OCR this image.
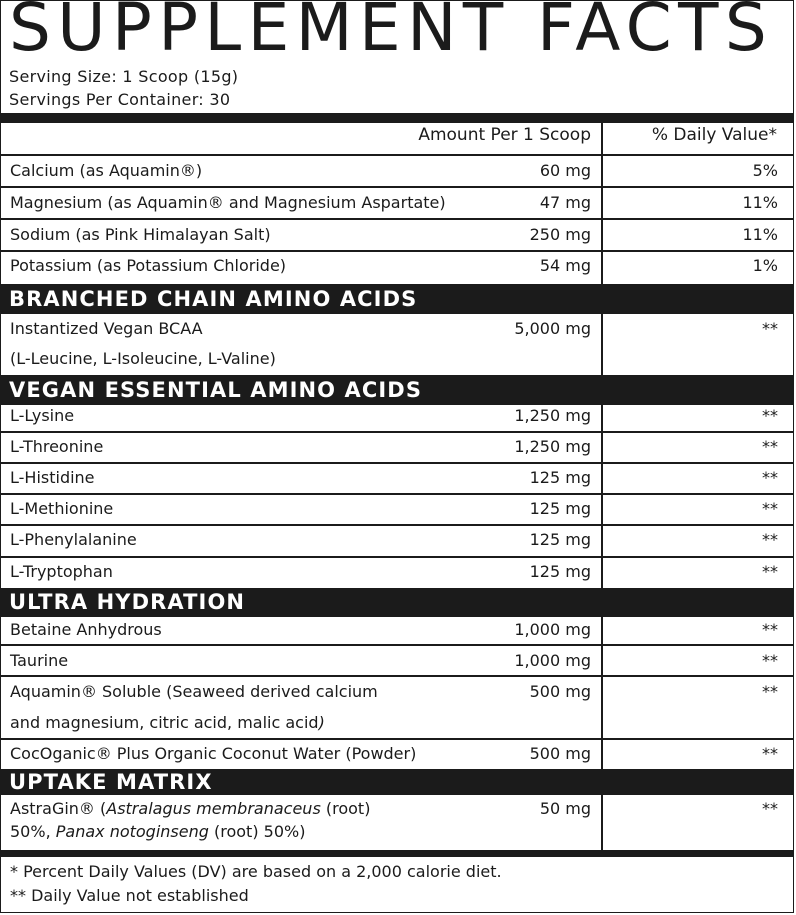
SUPPLEMENT FACTS
Serving Size: 1 Scoop (15g)
Servings Per Container: 30
Amount Per 1 Scoop	% Daily Value*
Calcium (as Aquamin®)	60 mg	5%
Magnesium (as Aquamin® and Magnesium Aspartate)	47 mg	11%
Sodium (as Pink Himalayan Salt)	250 mg	11%
Potassium (as Potassium Chloride)	54 mg	1%
BRANCHED CHAIN AMINO ACIDS
Instantized Vegan BCAA
(L-Leucine, L-Isoleucine, L-Valine)
5,000 mg	**
VEGAN ESSENTIAL AMINO ACIDS
L-Lysine	1,250 mg	**
L-Threonine	1,250 mg	**
L-Histidine	125 mg	**
L-Methionine	125 mg	**
L-Phenylalanine	125 mg	**
L-Tryptophan	125 mg	**
ULTRA HYDRATION
Betaine Anhydrous	1,000 mg	**
Taurine	1,000 mg	**
Aquamin® Soluble (Seaweed derived calcium
and magnesium, citric acid, malic acid)
500 mg	**
CocOganic® Plus Organic Coconut Water (Powder)	500 mg	**
UPTAKE MATRIX
AstraGin® (Astralagus membranaceus (root)
50%, Panax notoginseng (root) 50%)
50 mg	**
* Percent Daily Values (DV) are based on a 2,000 calorie diet.
** Daily Value not established
